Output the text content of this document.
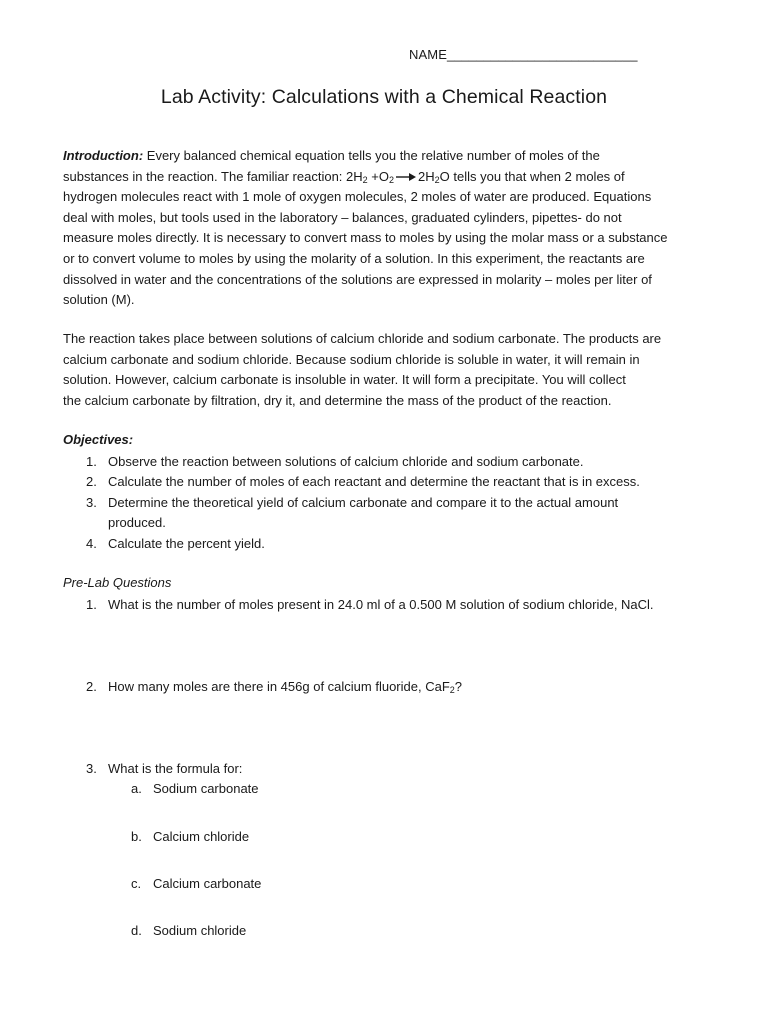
NAME__________________________
Lab Activity: Calculations with a Chemical Reaction
Introduction: Every balanced chemical equation tells you the relative number of moles of the
substances in the reaction. The familiar reaction: $2H_2 +O_2\to 2H_2O$ tells you that when 2 moles of
hydrogen molecules react with 1 mole of oxygen molecules, 2 moles of water are produced. Equations
deal with moles, but tools used in the laboratory – balances, graduated cylinders, pipettes- do not
measure moles directly. It is necessary to convert mass to moles by using the molar mass or a substance
or to convert volume to moles by using the molarity of a solution. In this experiment, the reactants are
dissolved in water and the concentrations of the solutions are expressed in molarity – moles per liter of
solution (M).
The reaction takes place between solutions of calcium chloride and sodium carbonate. The products are
calcium carbonate and sodium chloride. Because sodium chloride is soluble in water, it will remain in
solution. However, calcium carbonate is insoluble in water. It will form a precipitate. You will collect
the calcium carbonate by filtration, dry it, and determine the mass of the product of the reaction.
Objectives:
1. Observe the reaction between solutions of calcium chloride and sodium carbonate.
2. Calculate the number of moles of each reactant and determine the reactant that is in excess.
3. Determine the theoretical yield of calcium carbonate and compare it to the actual amount
produced.
4. Calculate the percent yield.
Pre-Lab Questions
1. What is the number of moles present in 24.0 ml of a 0.500 M solution of sodium chloride, NaCl.
2. How many moles are there in 456g of calcium fluoride, CaF$_2$?
3. What is the formula for:
a. Sodium carbonate
b. Calcium chloride
c. Calcium carbonate
d. Sodium chloride
